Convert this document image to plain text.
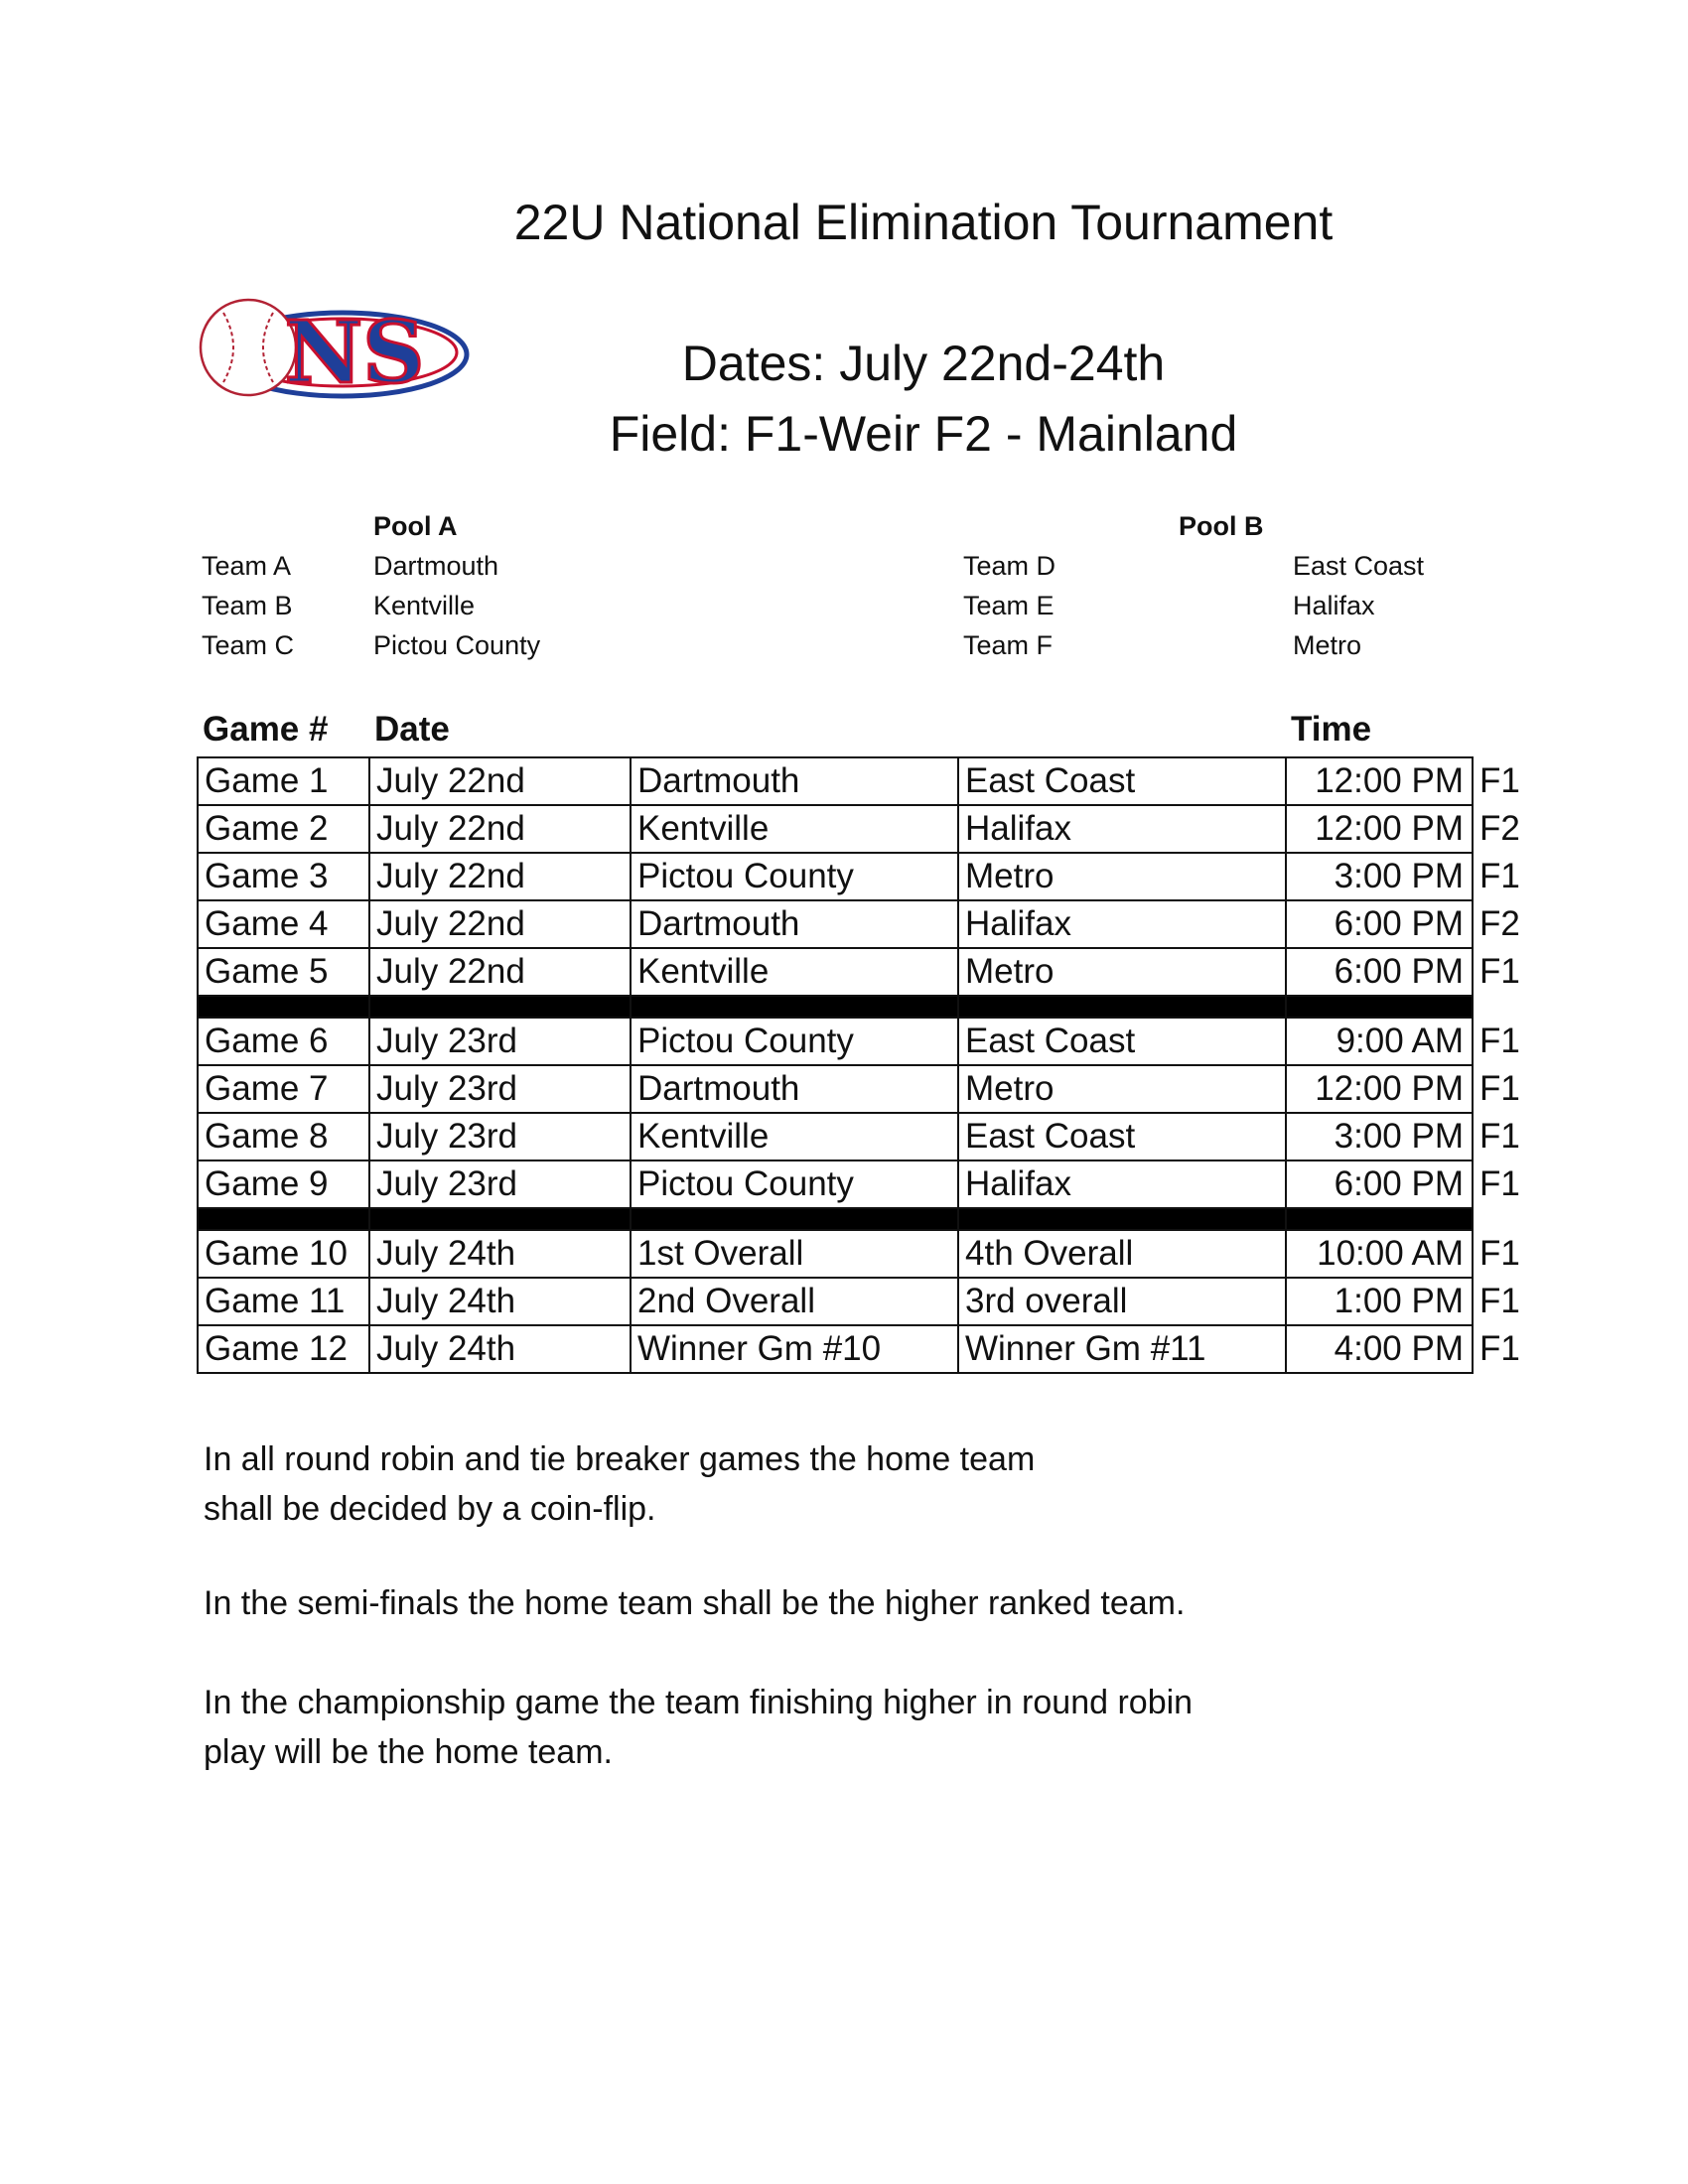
22U National Elimination Tournament
NS	Dates: July 22nd-24th
Field: F1-Weir F2 - Mainland
Pool A	Pool B
Team A	Dartmouth
Team B	Kentville
Team C	Pictou County
Team D	East Coast
Team E	Halifax
Team F	Metro
Game # Date	Time
Game 1	July 22nd	Dartmouth	East Coast	12:00 PM	F1
Game 2	July 22nd	Kentville	Halifax	12:00 PM	F2
Game 3	July 22nd	Pictou County	Metro	3:00 PM	F1
Game 4	July 22nd	Dartmouth	Halifax	6:00 PM	F2
Game 5	July 22nd	Kentville	Metro	6:00 PM	F1

Game 6	July 23rd	Pictou County	East Coast	9:00 AM	F1
Game 7	July 23rd	Dartmouth	Metro	12:00 PM	F1
Game 8	July 23rd	Kentville	East Coast	3:00 PM	F1
Game 9	July 23rd	Pictou County	Halifax	6:00 PM	F1

Game 10	July 24th	1st Overall	4th Overall	10:00 AM	F1
Game 11	July 24th	2nd Overall	3rd overall	1:00 PM	F1
Game 12	July 24th	Winner Gm #10	Winner Gm #11	4:00 PM	F1
In all round robin and tie breaker games the home team
shall be decided by a coin-flip.
In the semi-finals the home team shall be the higher ranked team.
In the championship game the team finishing higher in round robin
play will be the home team.
